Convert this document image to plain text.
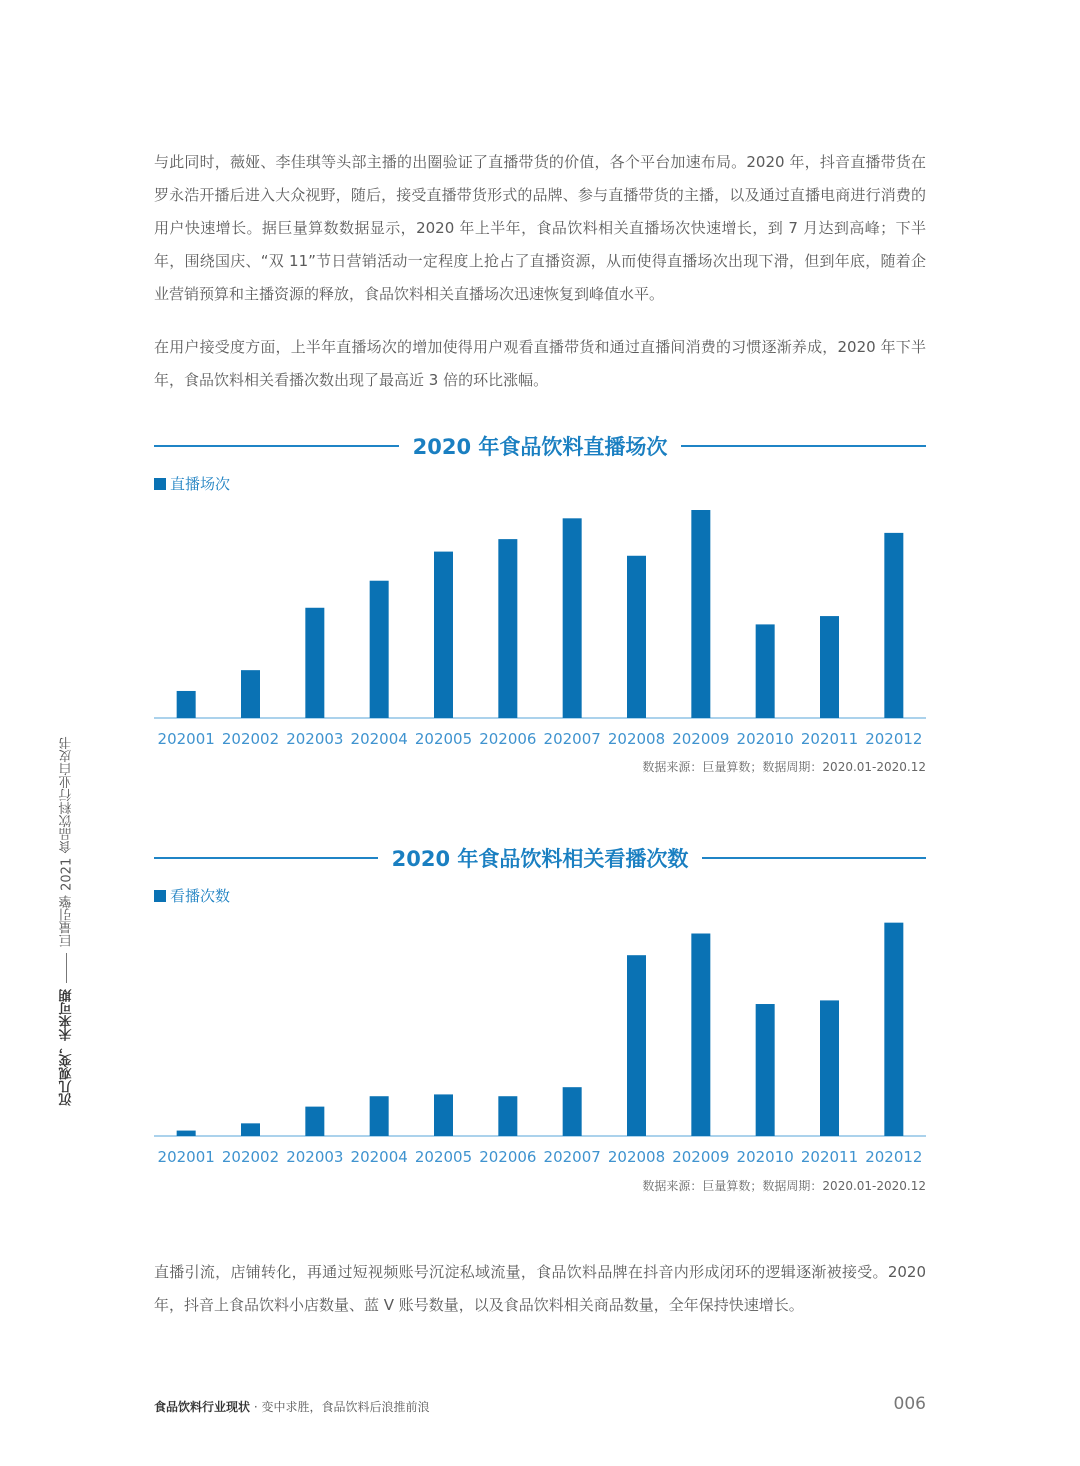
与此同时，薇娅、李佳琪等头部主播的出圈验证了直播带货的价值，各个平台加速布局。2020 年，抖音直播带货在罗永浩开播后进入大众视野，随后，接受直播带货形式的品牌、参与直播带货的主播，以及通过直播电商进行消费的用户快速增长。据巨量算数数据显示，2020 年上半年，食品饮料相关直播场次快速增长，到 7 月达到高峰；下半年，围绕国庆、“双 11”节日营销活动一定程度上抢占了直播资源，从而使得直播场次出现下滑，但到年底，随着企业营销预算和主播资源的释放，食品饮料相关直播场次迅速恢复到峰值水平。

在用户接受度方面，上半年直播场次的增加使得用户观看直播带货和通过直播间消费的习惯逐渐养成，2020 年下半年，食品饮料相关看播次数出现了最高近 3 倍的环比涨幅。

2020 年食品饮料直播场次
直播场次
202001 202002 202003 202004 202005 202006 202007 202008 202009 202010 202011 202012
数据来源：巨量算数；数据周期：2020.01-2020.12
2020 年食品饮料相关看播次数
看播次数
202001 202002 202003 202004 202005 202006 202007 202008 202009 202010 202011 202012
数据来源：巨量算数；数据周期：2020.01-2020.12

直播引流，店铺转化，再通过短视频账号沉淀私域流量，食品饮料品牌在抖音内形成闭环的逻辑逐渐被接受。2020 年，抖音上食品饮料小店数量、蓝 V 账号数量，以及食品饮料相关商品数量，全年保持快速增长。

沉几观变，未来可期
巨量引擎 2021 食品饮料行业白皮书
食品饮料行业现状 · 变中求胜，食品饮料后浪推前浪	006
